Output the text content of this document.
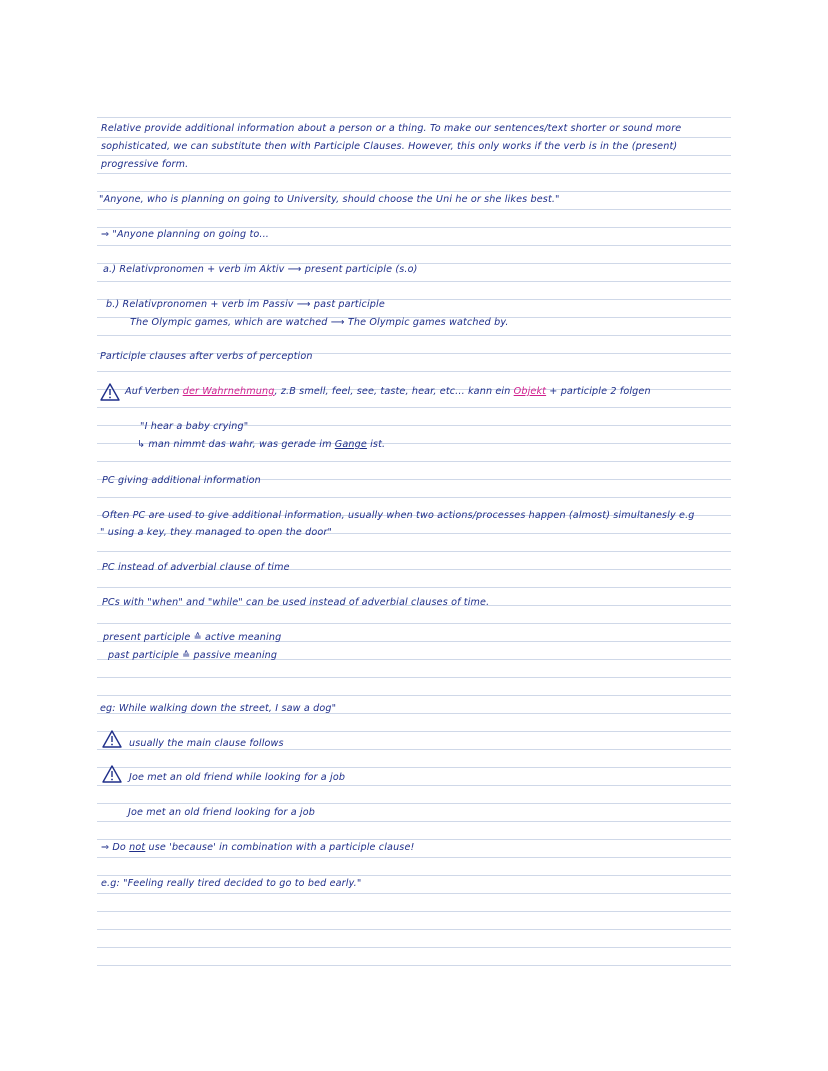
Relative provide additional information about a person or a thing. To make our sentences/text shorter or sound more
sophisticated, we can substitute then with Participle Clauses. However, this only works if the verb is in the (present)
progressive form.
"Anyone, who is planning on going to University, should choose the Uni he or she likes best."
⇒ "Anyone planning on going to...
a.) Relativpronomen + verb im Aktiv ⟶ present participle (s.o)
b.) Relativpronomen + verb im Passiv ⟶ past participle
The Olympic games, which are watched ⟶ The Olympic games watched by.
Participle clauses after verbs of perception
Auf Verben der Wahrnehmung, z.B smell, feel, see, taste, hear, etc... kann ein Objekt + participle 2 folgen
"I hear a baby crying"
↳ man nimmt das wahr, was gerade im Gange ist.
PC giving additional information
Often PC are used to give additional information, usually when two actions/processes happen (almost) simultanesly e.g
" using a key, they managed to open the door"
PC instead of adverbial clause of time
PCs with "when" and "while" can be used instead of adverbial clauses of time.
present participle ≙ active meaning
past participle ≙ passive meaning
eg: While walking down the street, I saw a dog"
usually the main clause follows
Joe met an old friend while looking for a job
Joe met an old friend looking for a job
⇒ Do not use 'because' in combination with a participle clause!
e.g: "Feeling really tired decided to go to bed early."
